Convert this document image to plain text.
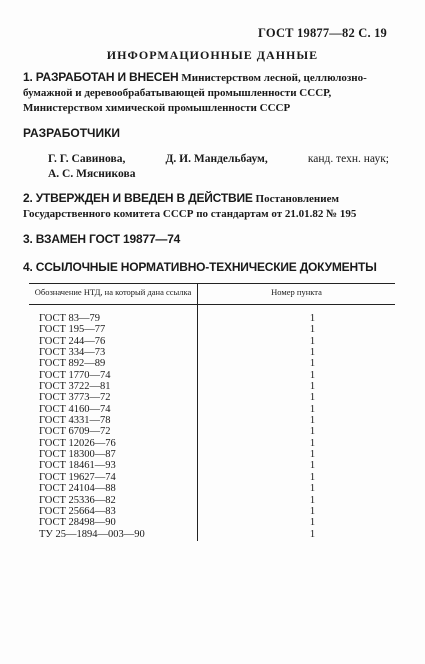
ГОСТ 19877—82 С. 19
ИНФОРМАЦИОННЫЕ ДАННЫЕ
1. РАЗРАБОТАН И ВНЕСЕН Министерством лесной, целлюлозно-бумажной и деревообрабатывающей промышленности СССР, Министерством химической промышленности СССР
РАЗРАБОТЧИКИ
Г. Г. Савинова,	Д. И. Мандельбаум,	канд. техн. наук;
А. С. Мясникова
2. УТВЕРЖДЕН И ВВЕДЕН В ДЕЙСТВИЕ Постановлением Государственного комитета СССР по стандартам от 21.01.82 № 195
3. ВЗАМЕН ГОСТ 19877—74
4. ССЫЛОЧНЫЕ НОРМАТИВНО-ТЕХНИЧЕСКИЕ ДОКУМЕНТЫ
Обозначение НТД, на который дана ссылка	Номер пункта

ГОСТ 83—79	1
ГОСТ 195—77	1
ГОСТ 244—76	1
ГОСТ 334—73	1
ГОСТ 892—89	1
ГОСТ 1770—74	1
ГОСТ 3722—81	1
ГОСТ 3773—72	1
ГОСТ 4160—74	1
ГОСТ 4331—78	1
ГОСТ 6709—72	1
ГОСТ 12026—76	1
ГОСТ 18300—87	1
ГОСТ 18461—93	1
ГОСТ 19627—74	1
ГОСТ 24104—88	1
ГОСТ 25336—82	1
ГОСТ 25664—83	1
ГОСТ 28498—90	1
ТУ 25—1894—003—90	1
